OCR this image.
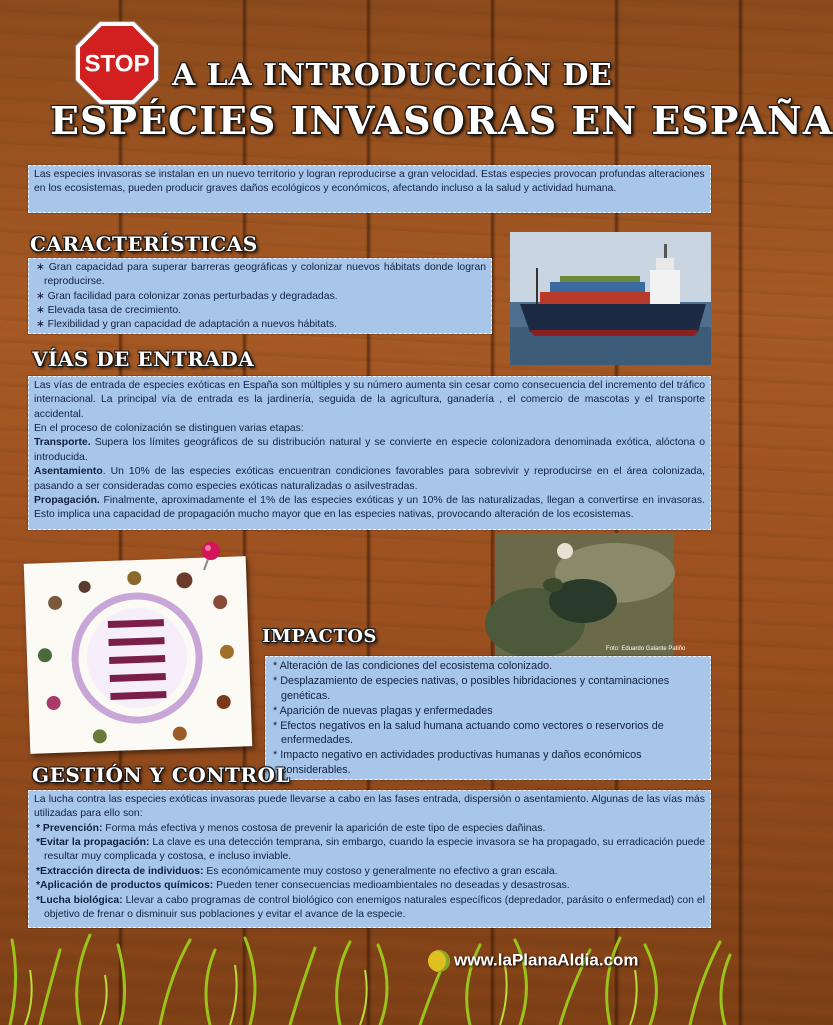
STOP A LA INTRODUCCIÓN DE
ESPÉCIES INVASORAS EN ESPAÑA
Las especies invasoras se instalan en un nuevo territorio y logran reproducirse a gran velocidad. Estas especies provocan profundas alteraciones en los ecosistemas, pueden producir graves daños ecológicos y económicos, afectando incluso a la salud y actividad humana.
CARACTERÍSTICAS

∗ Gran capacidad para superar barreras geográficas y colonizar nuevos hábitats donde logran reproducirse.

∗ Gran facilidad para colonizar zonas perturbadas y degradadas.

∗ Elevada tasa de crecimiento.

∗ Flexibilidad y gran capacidad de adaptación a nuevos hábitats.

VÍAS DE ENTRADA
Las vías de entrada de especies exóticas en España son múltiples y su número aumenta sin cesar como consecuencia del incremento del tráfico internacional. La principal vía de entrada es la jardinería, seguida de la agricultura, ganadería , el comercio de mascotas y el transporte accidental.
En el proceso de colonización se distinguen varias etapas:
Transporte. Supera los límites geográficos de su distribución natural y se convierte en especie colonizadora denominada exótica, alóctona o introducida.
Asentamiento. Un 10% de las especies exóticas encuentran condiciones favorables para sobrevivir y reproducirse en el área colonizada, pasando a ser consideradas como especies exóticas naturalizadas o asilvestradas.
Propagación. Finalmente, aproximadamente el 1% de las especies exóticas y un 10% de las naturalizadas, llegan a convertirse en invasoras. Esto implica una capacidad de propagación mucho mayor que en las especies nativas, provocando alteración de los ecosistemas.
Foto: Eduardo Galante Patiño
IMPACTOS

* Alteración de las condiciones del ecosistema colonizado.

* Desplazamiento de especies nativas, o posibles hibridaciones y contaminaciones genéticas.

* Aparición de nuevas plagas y enfermedades

* Efectos negativos en la salud humana actuando como vectores o reservorios de enfermedades.

* Impacto negativo en actividades productivas humanas y daños económicos considerables.

GESTIÓN Y CONTROL
La lucha contra las especies exóticas invasoras puede llevarse a cabo en las fases entrada, dispersión o asentamiento. Algunas de las vías más utilizadas para ello son:
* Prevención: Forma más efectiva y menos costosa de prevenir la aparición de este tipo de especies dañinas.
*Evitar la propagación: La clave es una detección temprana, sin embargo, cuando la especie invasora se ha propagado, su erradicación puede resultar muy complicada y costosa, e incluso inviable.
*Extracción directa de individuos: Es económicamente muy costoso y generalmente no efectivo a gran escala.
*Aplicación de productos químicos: Pueden tener consecuencias medioambientales no deseadas y desastrosas.
*Lucha biológica: Llevar a cabo programas de control biológico con enemigos naturales específicos (depredador, parásito o enfermedad) con el objetivo de frenar o disminuir sus poblaciones y evitar el avance de la especie.
www.laPlanaAldia.com
